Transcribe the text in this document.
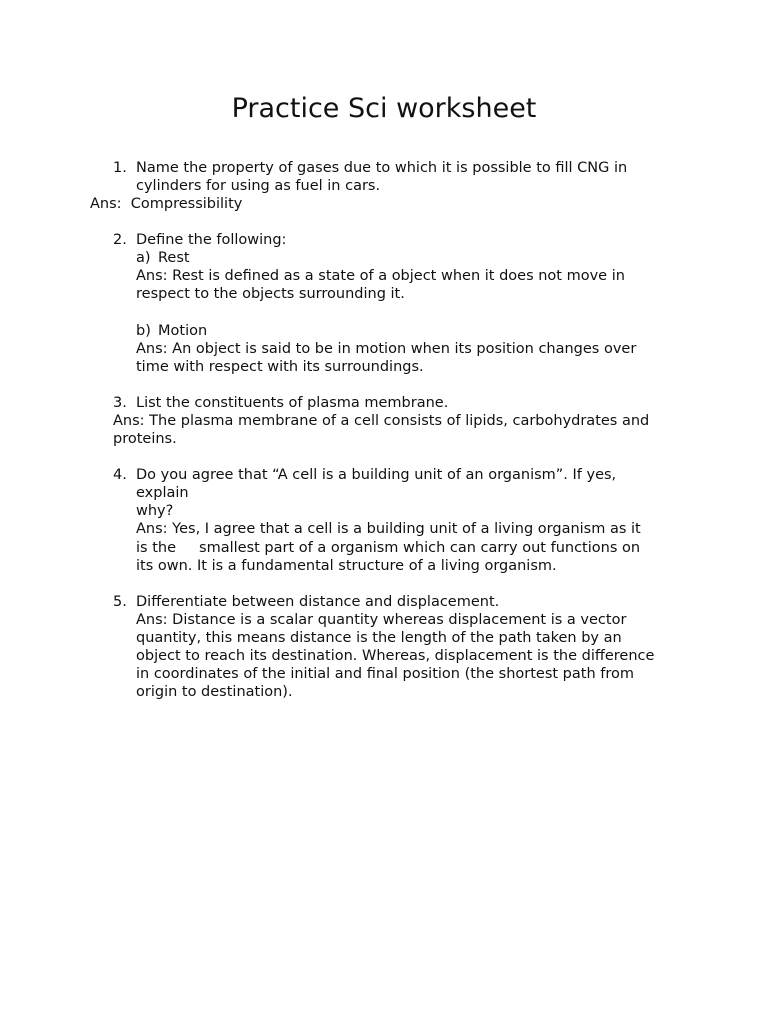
Practice Sci worksheet
1. Name the property of gases due to which it is possible to fill CNG in

cylinders for using as fuel in cars.

Ans:  Compressibility

2. Define the following:

a) Rest

Ans: Rest is defined as a state of a object when it does not move in

respect to the objects surrounding it.

b) Motion

Ans: An object is said to be in motion when its position changes over

time with respect with its surroundings.

3. List the constituents of plasma membrane.

Ans: The plasma membrane of a cell consists of lipids, carbohydrates and

proteins.

4. Do you agree that “A cell is a building unit of an organism”. If yes,

explain

why?

Ans: Yes, I agree that a cell is a building unit of a living organism as it

is the     smallest part of a organism which can carry out functions on

its own. It is a fundamental structure of a living organism.

5. Differentiate between distance and displacement.

Ans: Distance is a scalar quantity whereas displacement is a vector

quantity, this means distance is the length of the path taken by an

object to reach its destination. Whereas, displacement is the difference

in coordinates of the initial and final position (the shortest path from

origin to destination).
